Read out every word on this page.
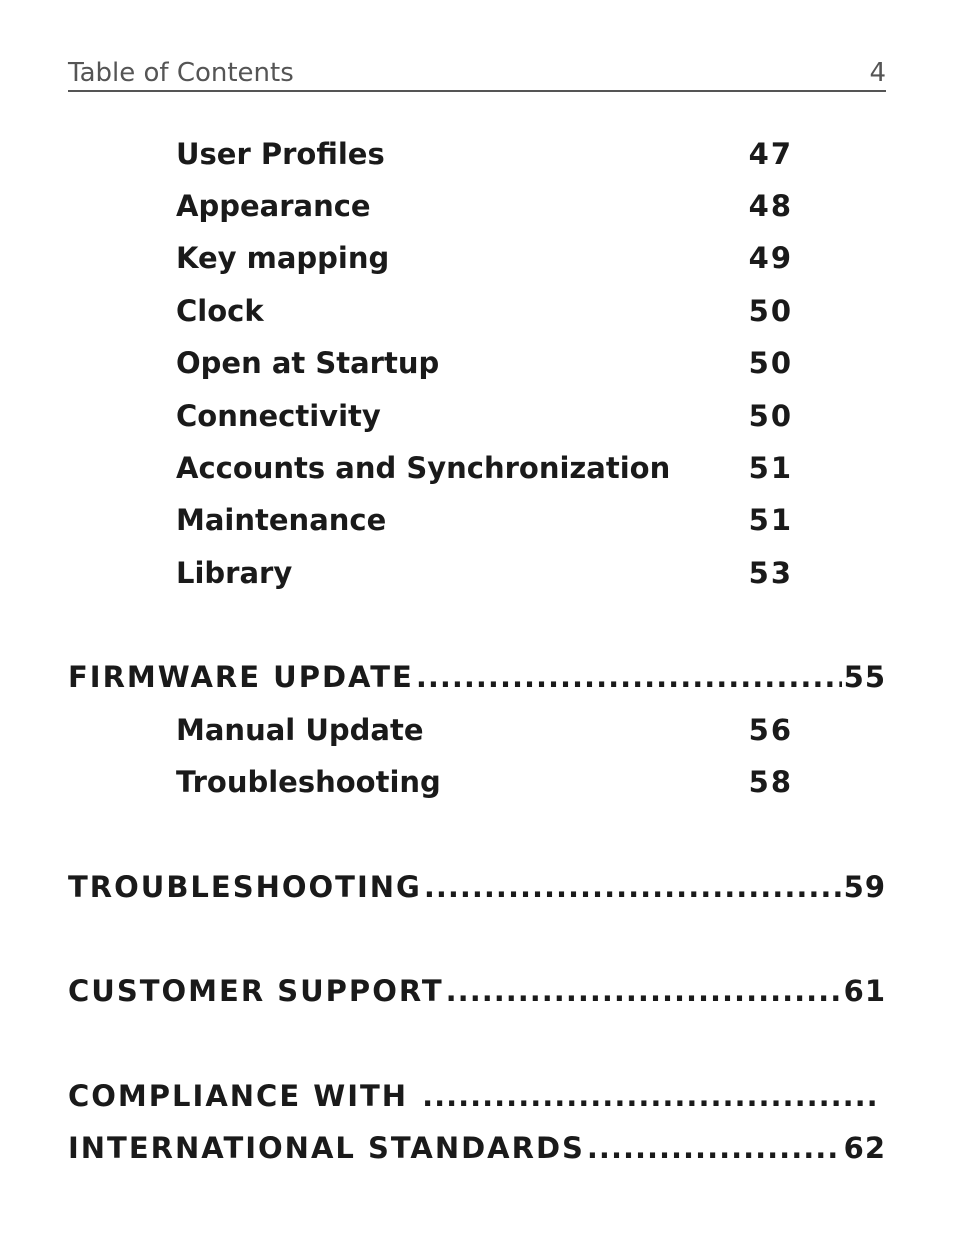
Table of Contents	4
User Profiles	47
Appearance	48
Key mapping	49
Clock	50
Open at Startup	50
Connectivity	50
Accounts and Synchronization	51
Maintenance	51
Library	53
FIRMWARE UPDATE .....	55
Manual Update	56
Troubleshooting	58
TROUBLESHOOTING .....	59
CUSTOMER SUPPORT .....	61
COMPLIANCE WITH
.....
INTERNATIONAL STANDARDS .....	62
